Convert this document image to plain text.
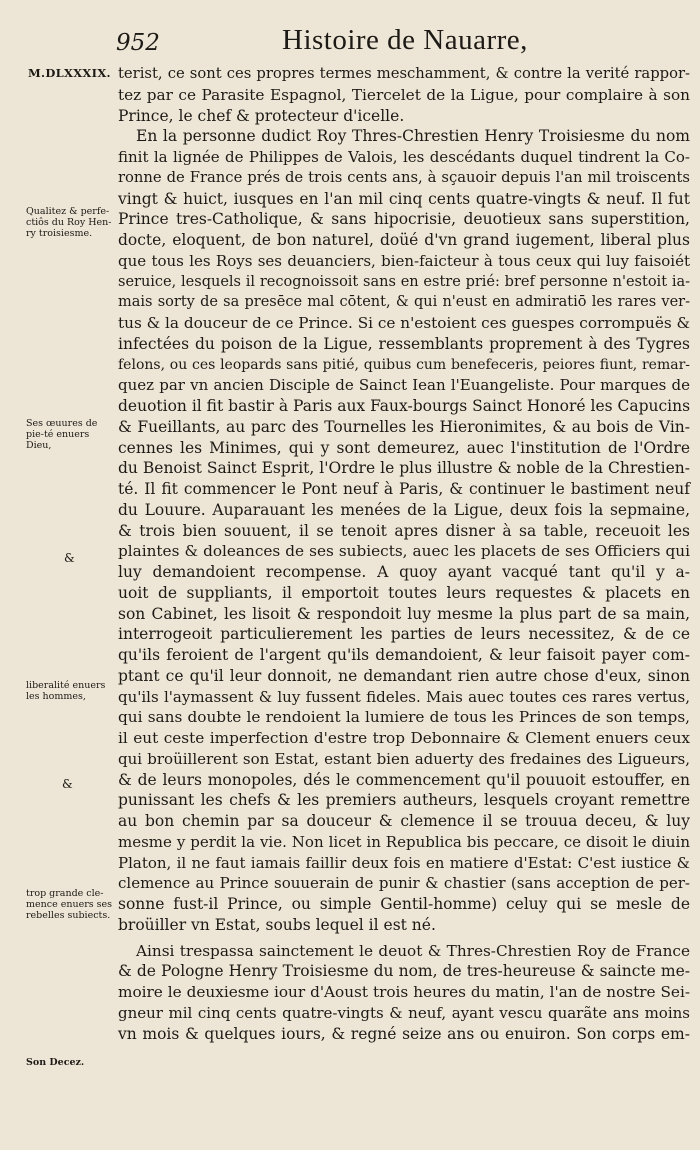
952	Histoire de Nauarre,
M.DLXXXIX.
Qualitez & perfe-ctiôs du Roy Hen-ry troisiesme.
Ses œuures de pie-té enuers Dieu,
&
liberalité enuers les hommes,
&
trop grande cle-mence enuers ses rebelles subiects.
Son Decez.
terist, ce sont ces propres termes meschamment, & contre la verité rappor-
tez par ce Parasite Espagnol, Tiercelet de la Ligue, pour complaire à son
Prince, le chef & protecteur d'icelle.
En la personne dudict Roy Thres-Chrestien Henry Troisiesme du nom
finit la lignée de Philippes de Valois, les descédants duquel tindrent la Co-
ronne de France prés de trois cents ans, à sçauoir depuis l'an mil troiscents
vingt & huict, iusques en l'an mil cinq cents quatre-vingts & neuf. Il fut
Prince tres-Catholique, & sans hipocrisie, deuotieux sans superstition,
docte, eloquent, de bon naturel, doüé d'vn grand iugement, liberal plus
que tous les Roys ses deuanciers, bien-faicteur à tous ceux qui luy faisoiét
seruice, lesquels il recognoissoit sans en estre prié: bref personne n'estoit ia-
mais sorty de sa presēce mal cōtent, & qui n'eust en admiratiō les rares ver-
tus & la douceur de ce Prince. Si ce n'estoient ces guespes corrompuës &
infectées du poison de la Ligue, ressemblants proprement à des Tygres
felons, ou ces leopards sans pitié, quibus cum benefeceris, peiores fiunt, remar-
quez par vn ancien Disciple de Sainct Iean l'Euangeliste. Pour marques de
deuotion il fit bastir à Paris aux Faux-bourgs Sainct Honoré les Capucins
& Fueillants, au parc des Tournelles les Hieronimites, & au bois de Vin-
cennes les Minimes, qui y sont demeurez, auec l'institution de l'Ordre
du Benoist Sainct Esprit, l'Ordre le plus illustre & noble de la Chrestien-
té. Il fit commencer le Pont neuf à Paris, & continuer le bastiment neuf
du Louure. Auparauant les menées de la Ligue, deux fois la sepmaine,
& trois bien souuent, il se tenoit apres disner à sa table, receuoit les
plaintes & doleances de ses subiects, auec les placets de ses Officiers qui
luy demandoient recompense. A quoy ayant vacqué tant qu'il y a-
uoit de suppliants, il emportoit toutes leurs requestes & placets en
son Cabinet, les lisoit & respondoit luy mesme la plus part de sa main,
interrogeoit particulierement les parties de leurs necessitez, & de ce
qu'ils feroient de l'argent qu'ils demandoient, & leur faisoit payer com-
ptant ce qu'il leur donnoit, ne demandant rien autre chose d'eux, sinon
qu'ils l'aymassent & luy fussent fideles. Mais auec toutes ces rares vertus,
qui sans doubte le rendoient la lumiere de tous les Princes de son temps,
il eut ceste imperfection d'estre trop Debonnaire & Clement enuers ceux
qui broüillerent son Estat, estant bien aduerty des fredaines des Ligueurs,
& de leurs monopoles, dés le commencement qu'il pouuoit estouffer, en
punissant les chefs & les premiers autheurs, lesquels croyant remettre
au bon chemin par sa douceur & clemence il se trouua deceu, & luy
mesme y perdit la vie. Non licet in Republica bis peccare, ce disoit le diuin
Platon, il ne faut iamais faillir deux fois en matiere d'Estat: C'est iustice &
clemence au Prince souuerain de punir & chastier (sans acception de per-
sonne fust-il Prince, ou simple Gentil-homme) celuy qui se mesle de
broüiller vn Estat, soubs lequel il est né.
Ainsi trespassa sainctement le deuot & Thres-Chrestien Roy de France
& de Pologne Henry Troisiesme du nom, de tres-heureuse & saincte me-
moire le deuxiesme iour d'Aoust trois heures du matin, l'an de nostre Sei-
gneur mil cinq cents quatre-vingts & neuf, ayant vescu quarãte ans moins
vn mois & quelques iours, & regné seize ans ou enuiron. Son corps em-
